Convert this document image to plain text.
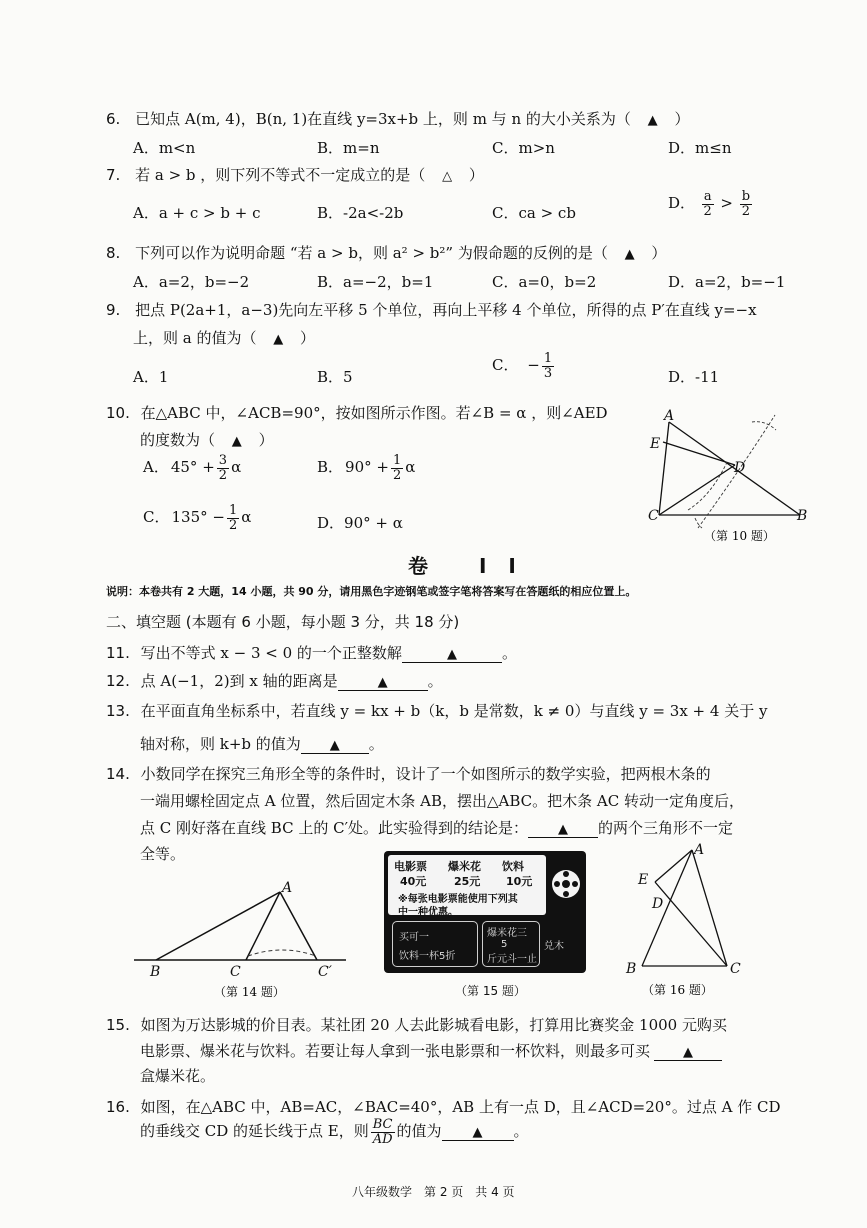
6. 已知点 A(m, 4)，B(n, 1)在直线 y=3x+b 上，则 m 与 n 的大小关系为（ ▲ ）
A．m<n	B．m=n	C．m>n	D．m≤n
7. 若 a > b ，则下列不等式不一定成立的是（ △ ）
A．a + c > b + c	B．-2a<-2b	C．ca > cb
D． $\frac{a}{2} > \frac{b}{2}$
8. 下列可以作为说明命题 “若 a > b，则 a² > b²” 为假命题的反例的是（ ▲ ）
A．a=2，b=−2	B．a=−2，b=1	C．a=0，b=2	D．a=2，b=−1
9. 把点 P(2a+1，a−3)先向左平移 5 个单位，再向上平移 4 个单位，所得的点 P′在直线 y=−x
上，则 a 的值为（ ▲ ）
A．1	B．5
C． − $\frac{1}{3}$	D．-11
10. 在△ABC 中，∠ACB=90°，按如图所示作图。若∠B = α ，则∠AED
的度数为（ ▲ ）
A． $45^\circ + \frac{3}{2}$ α	B． $90^\circ + \frac{1}{2}$ α
C． $135^\circ - \frac{1}{2}$ α	D．90° + α
A
E
D
C	B
（第 10 题）
卷 II
说明：本卷共有 2 大题，14 小题，共 90 分，请用黑色字迹钢笔或签字笔将答案写在答题纸的相应位置上。
二、填空题 (本题有 6 小题，每小题 3 分，共 18 分)
11. 写出不等式 x − 3 < 0 的一个正整数解	▲	。
12. 点 A(−1，2)到 x 轴的距离是	▲	。
13. 在平面直角坐标系中，若直线 y = kx + b（k，b 是常数，k ≠ 0）与直线 y = 3x + 4 关于 y
轴对称，则 k+b 的值为 ▲ 。
14. 小数同学在探究三角形全等的条件时，设计了一个如图所示的数学实验，把两根木条的
一端用螺栓固定点 A 位置，然后固定木条 AB，摆出△ABC。把木条 AC 转动一定角度后，
点 C 刚好落在直线 BC 上的 C′处。此实验得到的结论是： ▲ 的两个三角形不一定
全等。
A
B	C	C′
（第 14 题）
电影票 爆米花 饮料
40元	25元 10元
※每张电影票能使用下列其
中一种优惠。
买可一
饮料一杯5折
爆米花三
5
斤元斗一止
兑木
（第 15 题）
A
E
D
B	C
（第 16 题）
15. 如图为万达影城的价目表。某社团 20 人去此影城看电影，打算用比赛奖金 1000 元购买
电影票、爆米花与饮料。若要让每人拿到一张电影票和一杯饮料，则最多可买	▲
盒爆米花。
16. 如图，在△ABC 中，AB=AC，∠BAC=40°，AB 上有一点 D，且∠ACD=20°。过点 A 作 CD
的垂线交 CD 的延长线于点 E，则 $\frac{BC}{AD}$ 的值为 ▲ 。
八年级数学　第 2 页　共 4 页
